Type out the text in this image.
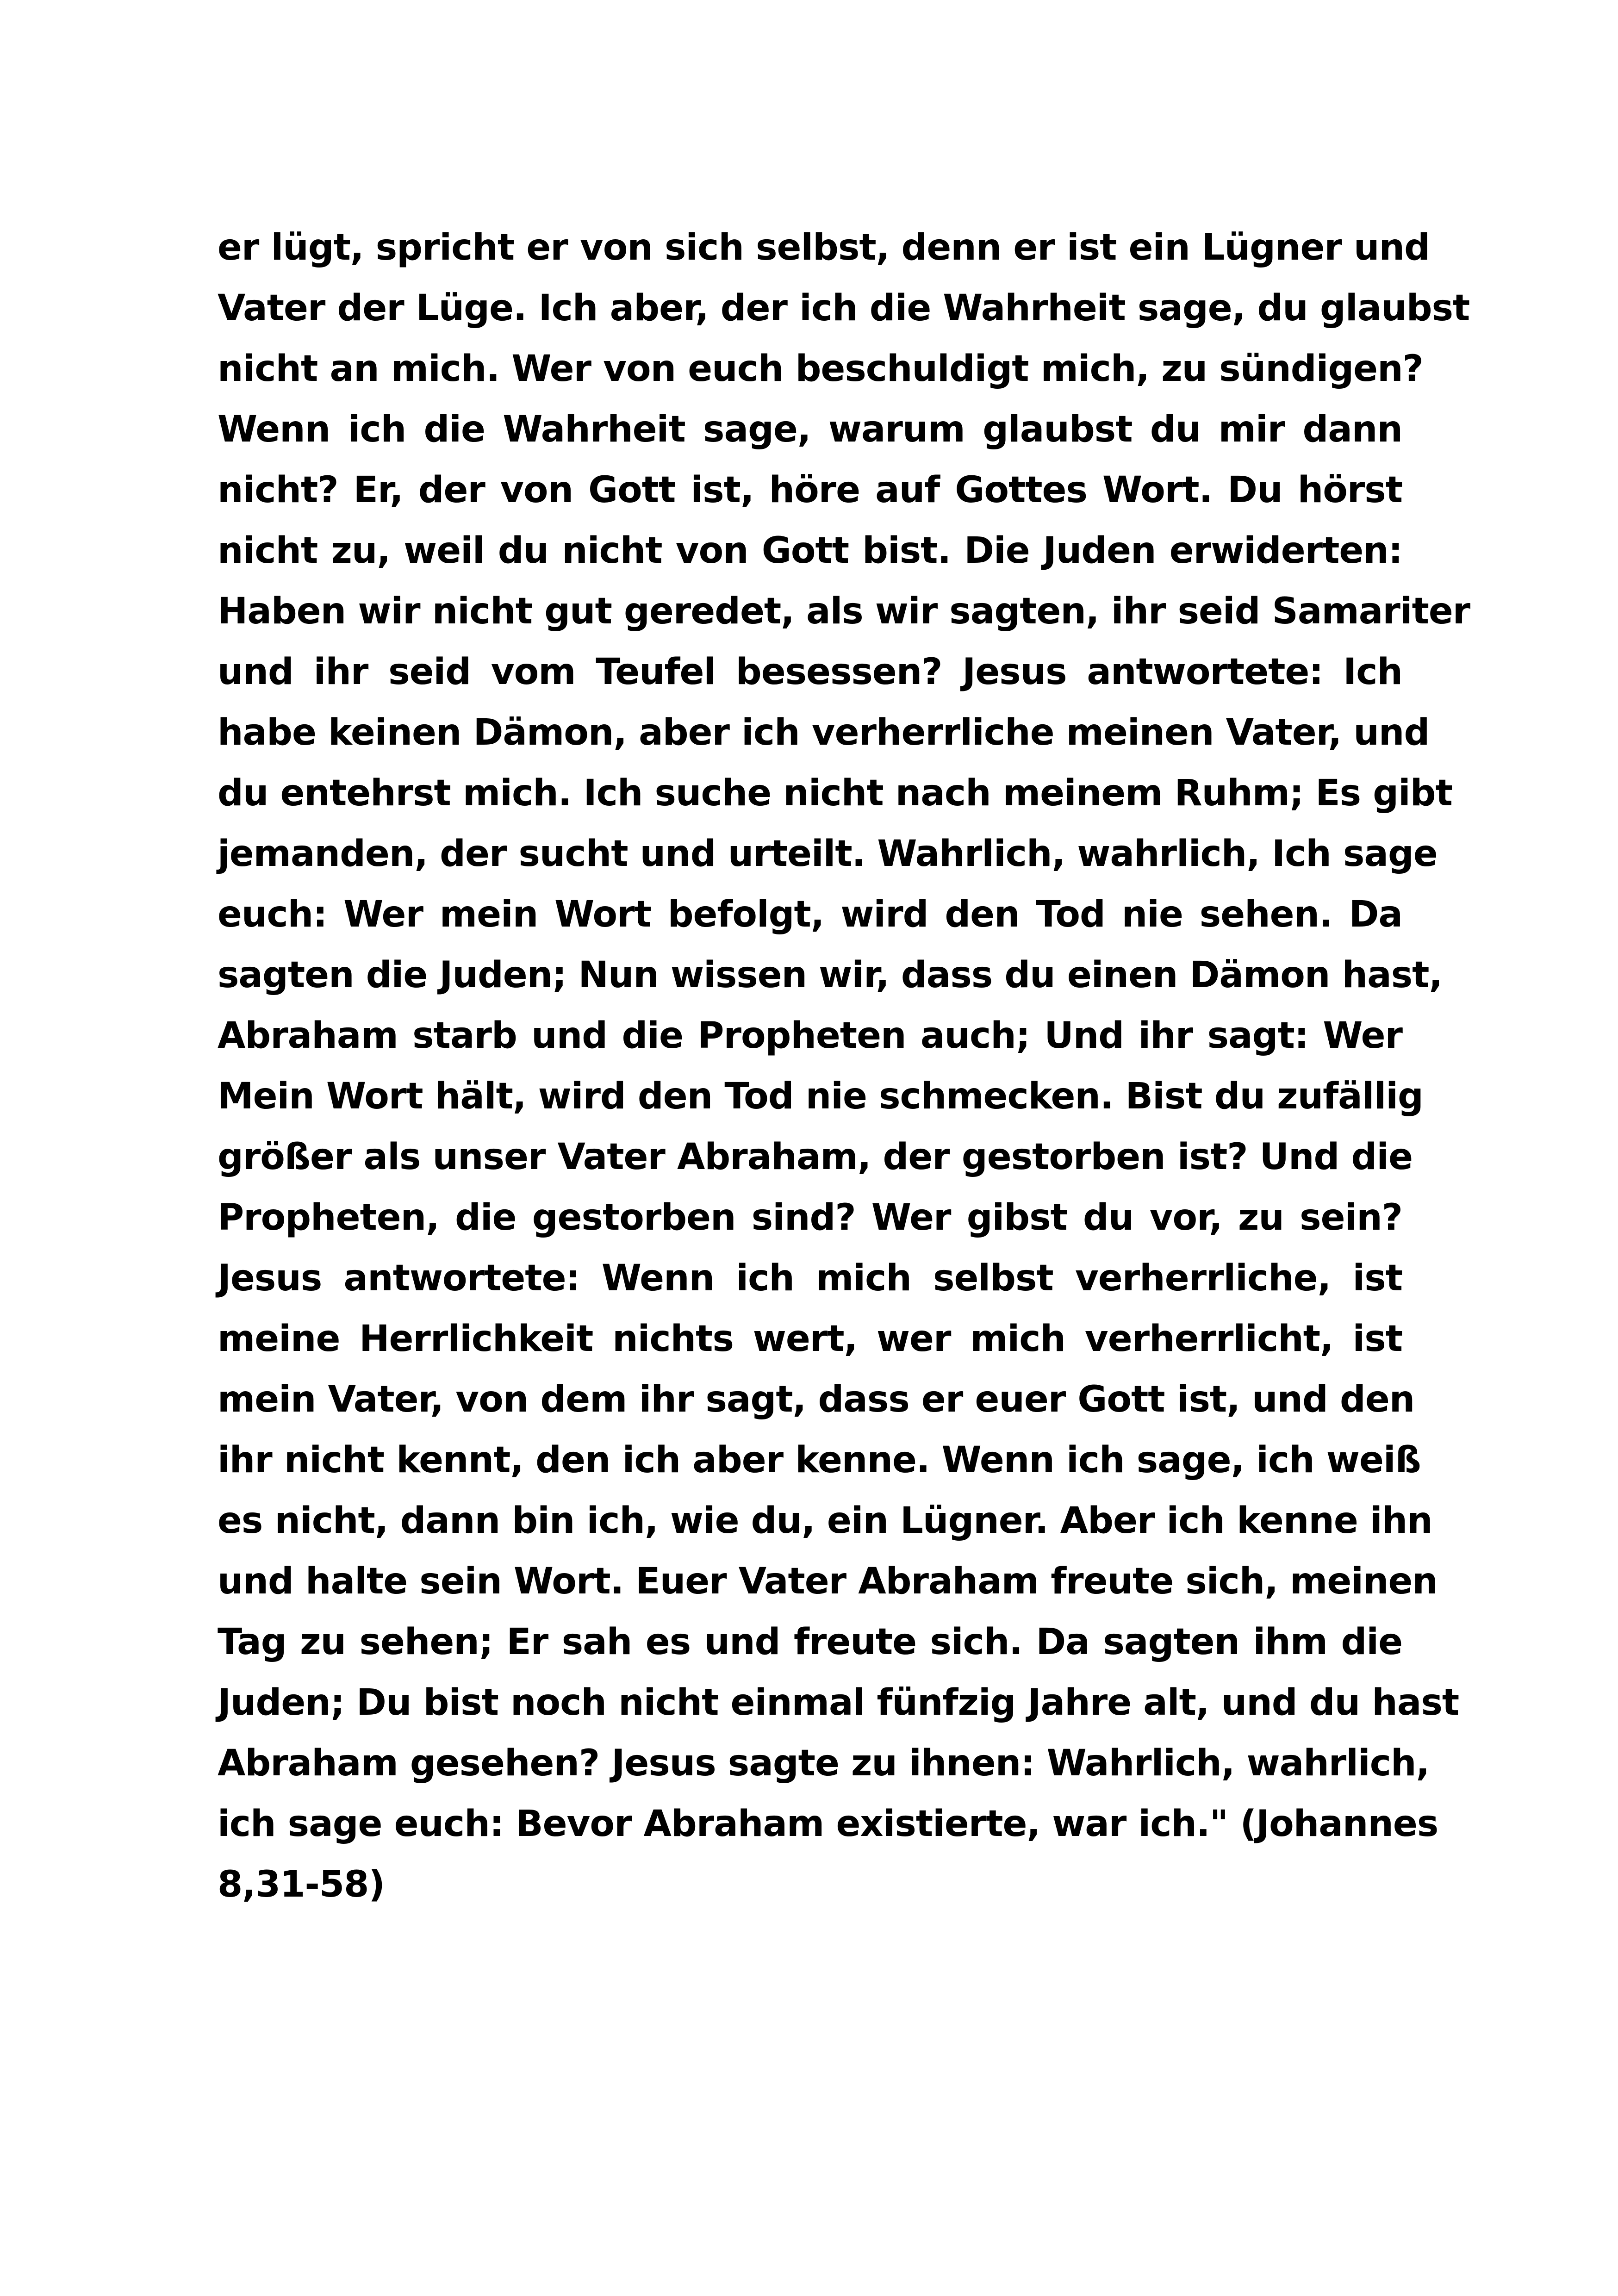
er lügt, spricht er von sich selbst, denn er ist ein Lügner und
Vater der Lüge. Ich aber, der ich die Wahrheit sage, du glaubst
nicht an mich. Wer von euch beschuldigt mich, zu sündigen?
Wenn ich die Wahrheit sage, warum glaubst du mir dann
nicht? Er, der von Gott ist, höre auf Gottes Wort. Du hörst
nicht zu, weil du nicht von Gott bist. Die Juden erwiderten:
Haben wir nicht gut geredet, als wir sagten, ihr seid Samariter
und ihr seid vom Teufel besessen? Jesus antwortete: Ich
habe keinen Dämon, aber ich verherrliche meinen Vater, und
du entehrst mich. Ich suche nicht nach meinem Ruhm; Es gibt
jemanden, der sucht und urteilt. Wahrlich, wahrlich, Ich sage
euch: Wer mein Wort befolgt, wird den Tod nie sehen. Da
sagten die Juden; Nun wissen wir, dass du einen Dämon hast,
Abraham starb und die Propheten auch; Und ihr sagt: Wer
Mein Wort hält, wird den Tod nie schmecken. Bist du zufällig
größer als unser Vater Abraham, der gestorben ist? Und die
Propheten, die gestorben sind? Wer gibst du vor, zu sein?
Jesus antwortete: Wenn ich mich selbst verherrliche, ist
meine Herrlichkeit nichts wert, wer mich verherrlicht, ist
mein Vater, von dem ihr sagt, dass er euer Gott ist, und den
ihr nicht kennt, den ich aber kenne. Wenn ich sage, ich weiß
es nicht, dann bin ich, wie du, ein Lügner. Aber ich kenne ihn
und halte sein Wort. Euer Vater Abraham freute sich, meinen
Tag zu sehen; Er sah es und freute sich. Da sagten ihm die
Juden; Du bist noch nicht einmal fünfzig Jahre alt, und du hast
Abraham gesehen? Jesus sagte zu ihnen: Wahrlich, wahrlich,
ich sage euch: Bevor Abraham existierte, war ich." (Johannes
8,31-58)
